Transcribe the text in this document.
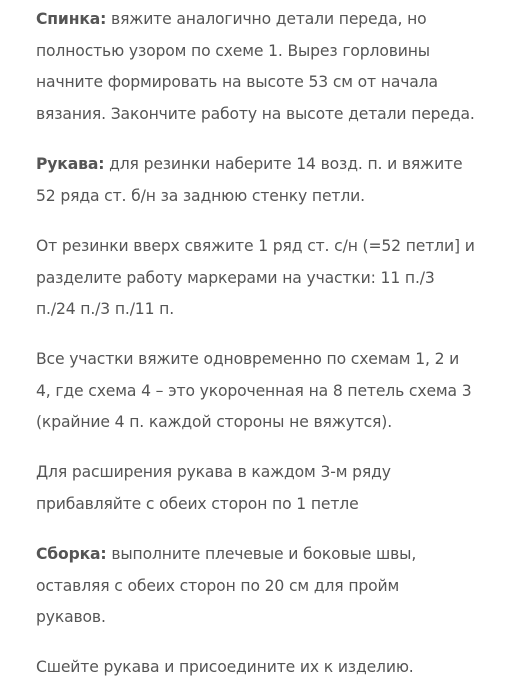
Спинка: вяжите аналогично детали переда, но
полностью узором по схеме 1. Вырез горловины
начните формировать на высоте 53 см от начала
вязания. Закончите работу на высоте детали переда.

Рукава: для резинки наберите 14 возд. п. и вяжите
52 ряда ст. б/н за заднюю стенку петли.

От резинки вверх свяжите 1 ряд ст. с/н (=52 петли] и
разделите работу маркерами на участки: 11 п./3
п./24 п./3 п./11 п.

Все участки вяжите одновременно по схемам 1, 2 и
4, где схема 4 – это укороченная на 8 петель схема 3
(крайние 4 п. каждой стороны не вяжутся).

Для расширения рукава в каждом 3-м ряду
прибавляйте с обеих сторон по 1 петле

Сборка: выполните плечевые и боковые швы,
оставляя с обеих сторон по 20 см для пройм
рукавов.

Сшейте рукава и присоедините их к изделию.
